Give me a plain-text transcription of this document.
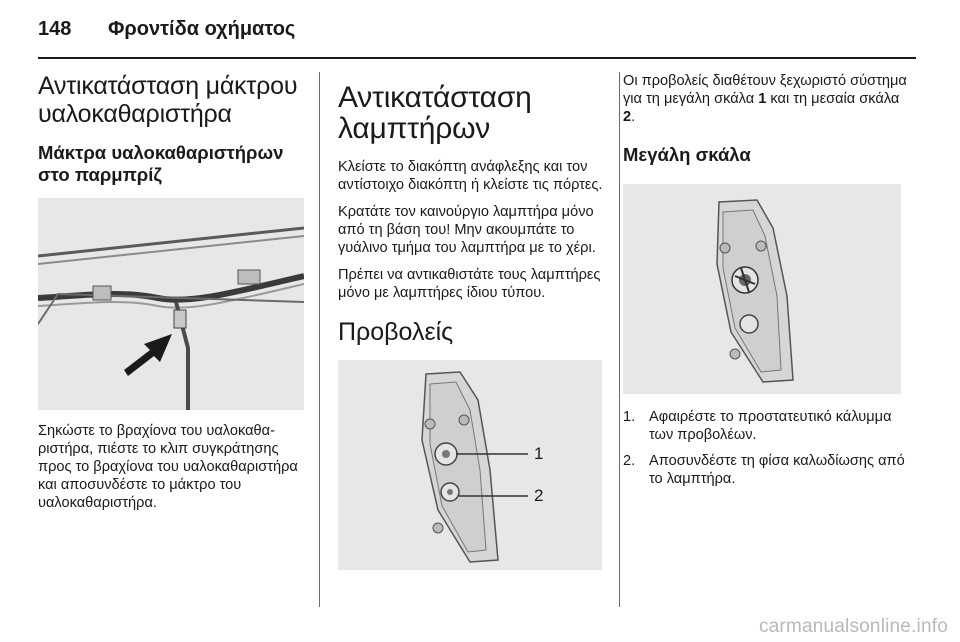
148 Φροντίδα οχήματος
Αντικατάσταση μάκτρου υαλοκαθαριστήρα
Μάκτρα υαλοκαθαριστήρων στο παρμπρίζ

Σηκώστε το βραχίονα του υαλοκαθαριστήρα, πιέστε το κλιπ συγκράτησης προς το βραχίονα του υαλοκαθαριστήρα και αποσυνδέστε το μάκτρο του υαλοκαθαριστήρα.

Αντικατάσταση λαμπτήρων

Κλείστε το διακόπτη ανάφλεξης και τον αντίστοιχο διακόπτη ή κλείστε τις πόρτες.

Κρατάτε τον καινούργιο λαμπτήρα μόνο από τη βάση του! Μην ακουμπάτε το γυάλινο τμήμα του λαμπτήρα με το χέρι.

Πρέπει να αντικαθιστάτε τους λαμπτήρες μόνο με λαμπτήρες ίδιου τύπου.

Προβολείς
1
2

Οι προβολείς διαθέτουν ξεχωριστό σύστημα για τη μεγάλη σκάλα 1 και τη μεσαία σκάλα 2.

Μεγάλη σκάλα
1. Αφαιρέστε το προστατευτικό κάλυμμα των προβολέων.
2. Αποσυνδέστε τη φίσα καλωδίωσης από το λαμπτήρα.
carmanualsonline.info
